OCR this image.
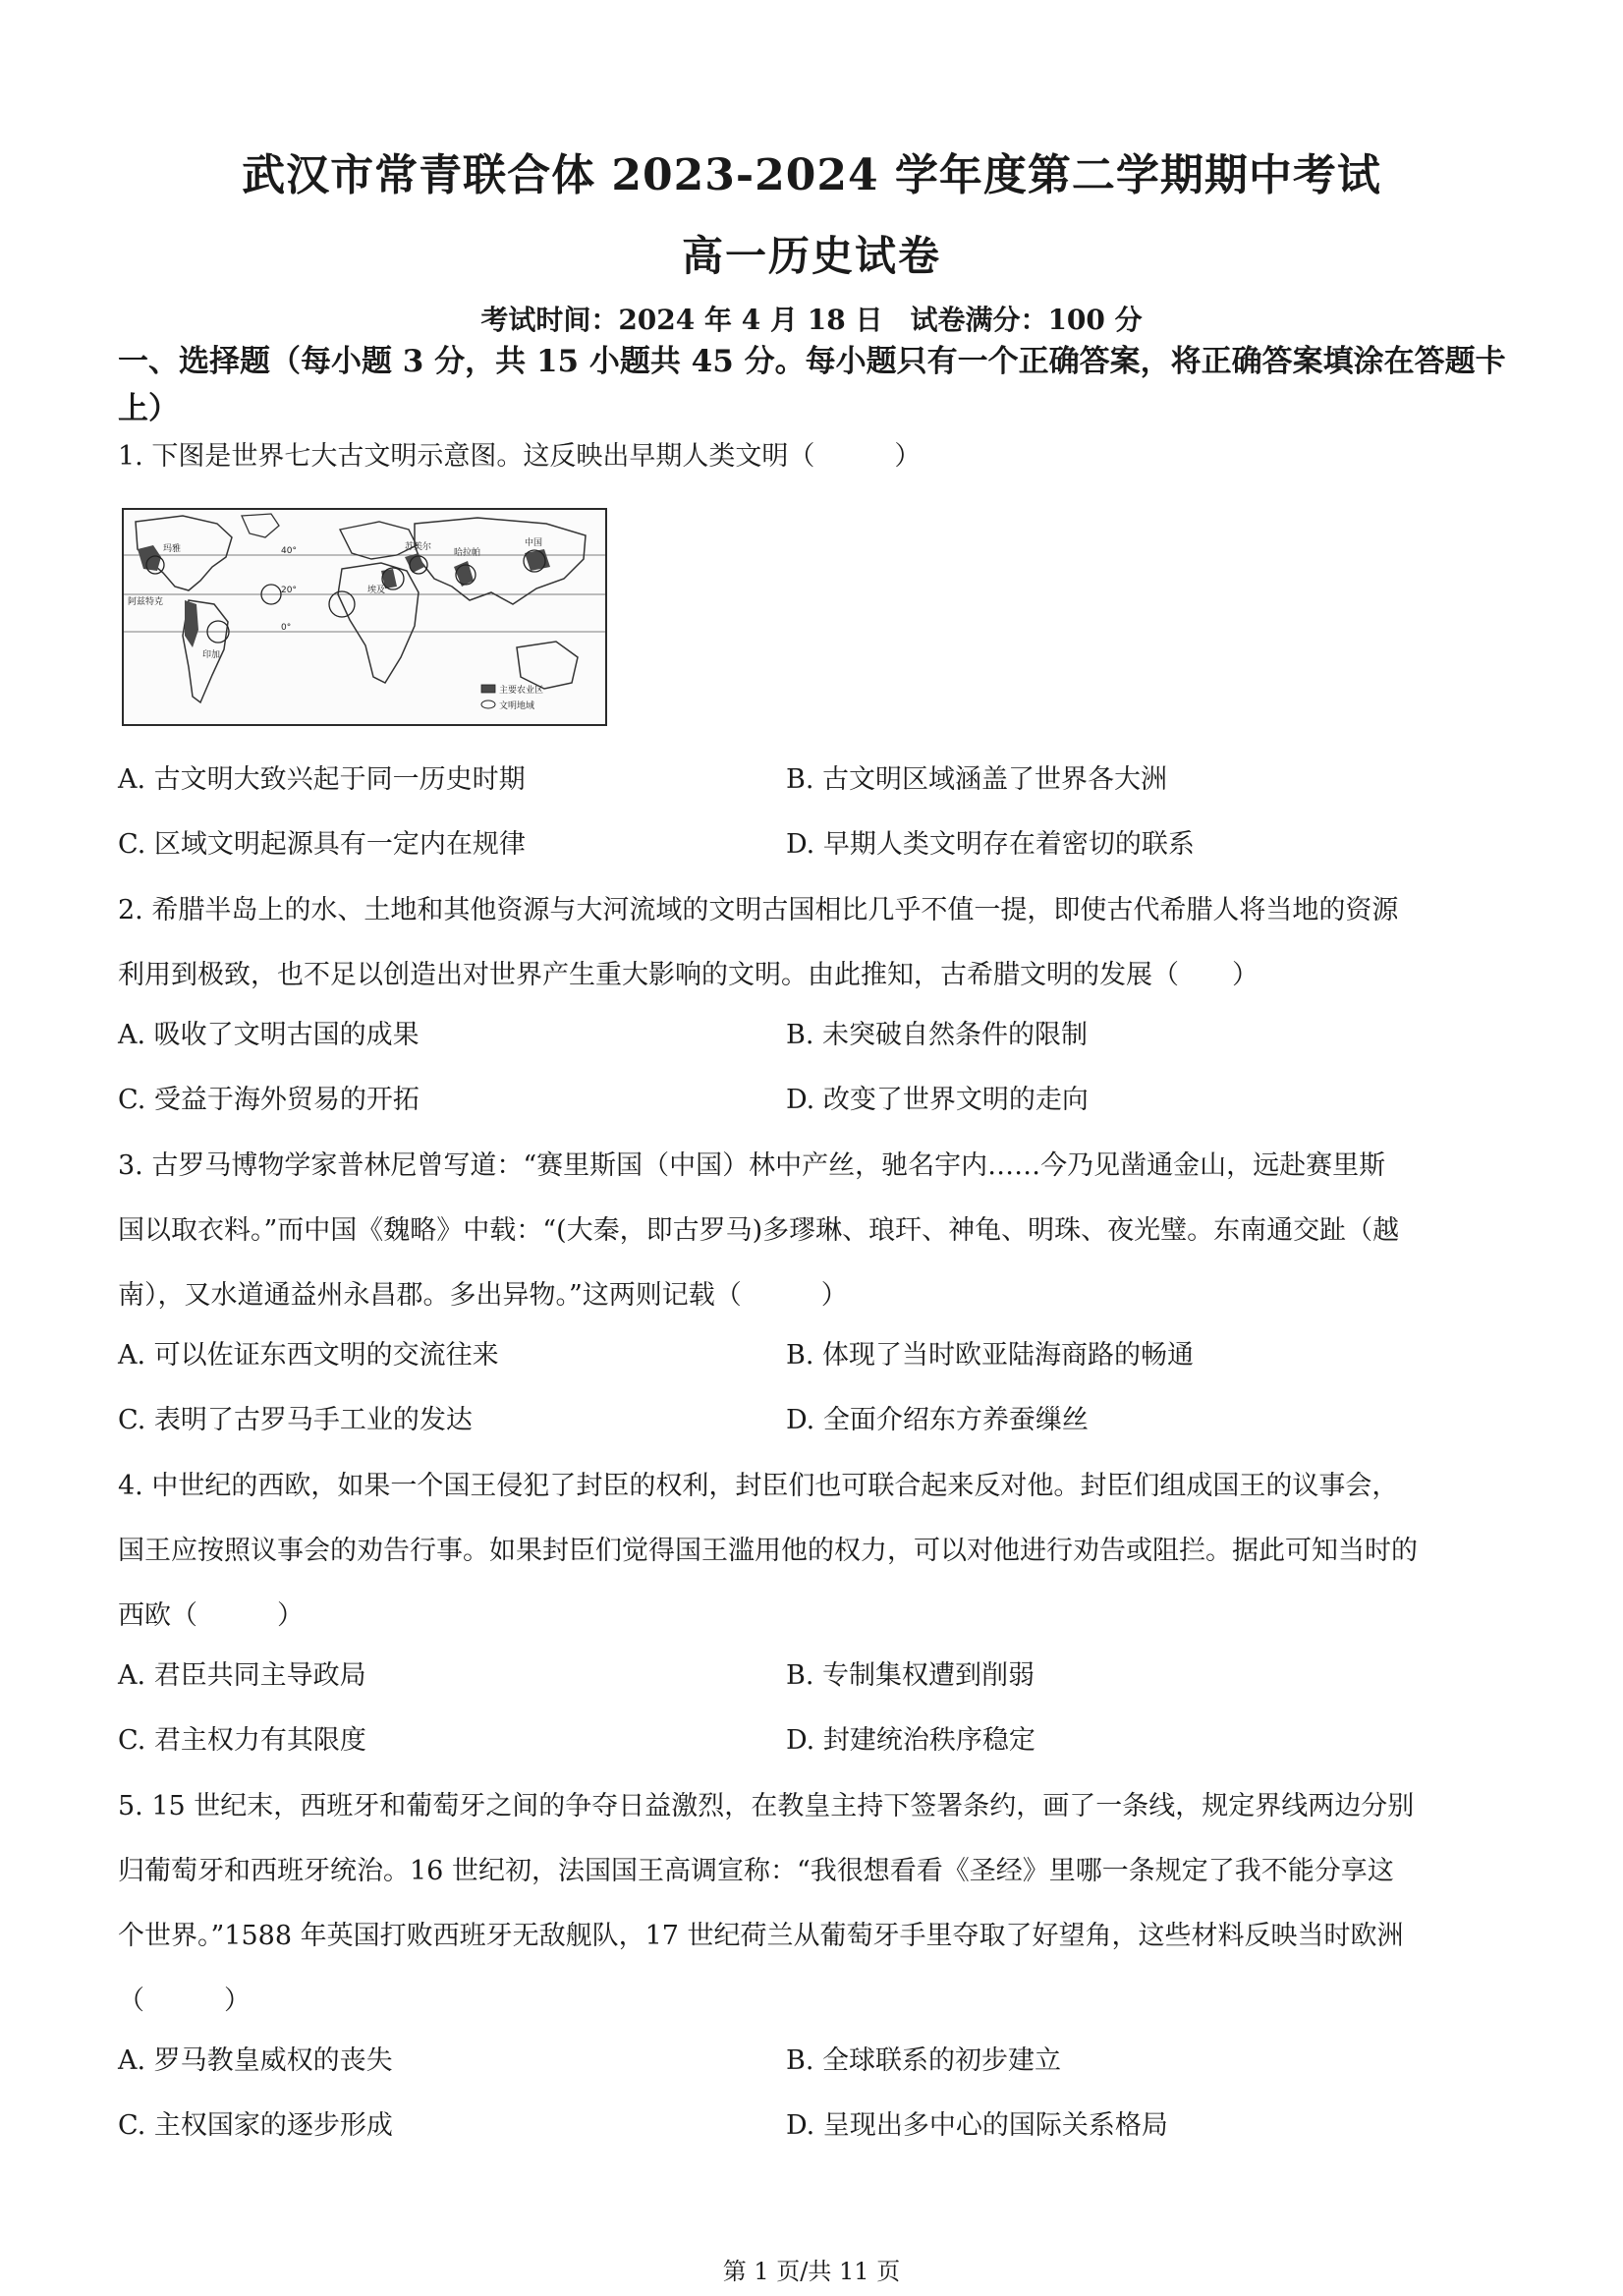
武汉市常青联合体 2023-2024 学年度第二学期期中考试
高一历史试卷
考试时间：2024 年 4 月 18 日　试卷满分：100 分
一、选择题（每小题 3 分，共 15 小题共 45 分。每小题只有一个正确答案，将正确答案填涂在答题卡上）
1. 下图是世界七大古文明示意图。这反映出早期人类文明（　　　）
40°
20°
0°
玛雅
阿兹特克
印加
埃及
苏美尔
哈拉帕
中国
主要农业区
文明地域
A. 古文明大致兴起于同一历史时期	B. 古文明区域涵盖了世界各大洲
C. 区域文明起源具有一定内在规律	D. 早期人类文明存在着密切的联系
2. 希腊半岛上的水、土地和其他资源与大河流域的文明古国相比几乎不值一提，即使古代希腊人将当地的资源
利用到极致，也不足以创造出对世界产生重大影响的文明。由此推知，古希腊文明的发展（　　）
A. 吸收了文明古国的成果	B. 未突破自然条件的限制
C. 受益于海外贸易的开拓	D. 改变了世界文明的走向
3. 古罗马博物学家普林尼曾写道：“赛里斯国（中国）林中产丝，驰名宇内……今乃见凿通金山，远赴赛里斯
国以取衣料。”而中国《魏略》中载：“(大秦，即古罗马)多璆琳、琅玕、神龟、明珠、夜光璧。东南通交趾（越
南），又水道通益州永昌郡。多出异物。”这两则记载（　　　）
A. 可以佐证东西文明的交流往来	B. 体现了当时欧亚陆海商路的畅通
C. 表明了古罗马手工业的发达	D. 全面介绍东方养蚕缫丝
4. 中世纪的西欧，如果一个国王侵犯了封臣的权利，封臣们也可联合起来反对他。封臣们组成国王的议事会，
国王应按照议事会的劝告行事。如果封臣们觉得国王滥用他的权力，可以对他进行劝告或阻拦。据此可知当时的
西欧（　　　）
A. 君臣共同主导政局	B. 专制集权遭到削弱
C. 君主权力有其限度	D. 封建统治秩序稳定
5. 15 世纪末，西班牙和葡萄牙之间的争夺日益激烈，在教皇主持下签署条约，画了一条线，规定界线两边分别
归葡萄牙和西班牙统治。16 世纪初，法国国王高调宣称：“我很想看看《圣经》里哪一条规定了我不能分享这
个世界。”1588 年英国打败西班牙无敌舰队，17 世纪荷兰从葡萄牙手里夺取了好望角，这些材料反映当时欧洲
（　　　）
A. 罗马教皇威权的丧失	B. 全球联系的初步建立
C. 主权国家的逐步形成	D. 呈现出多中心的国际关系格局
第 1 页/共 11 页
